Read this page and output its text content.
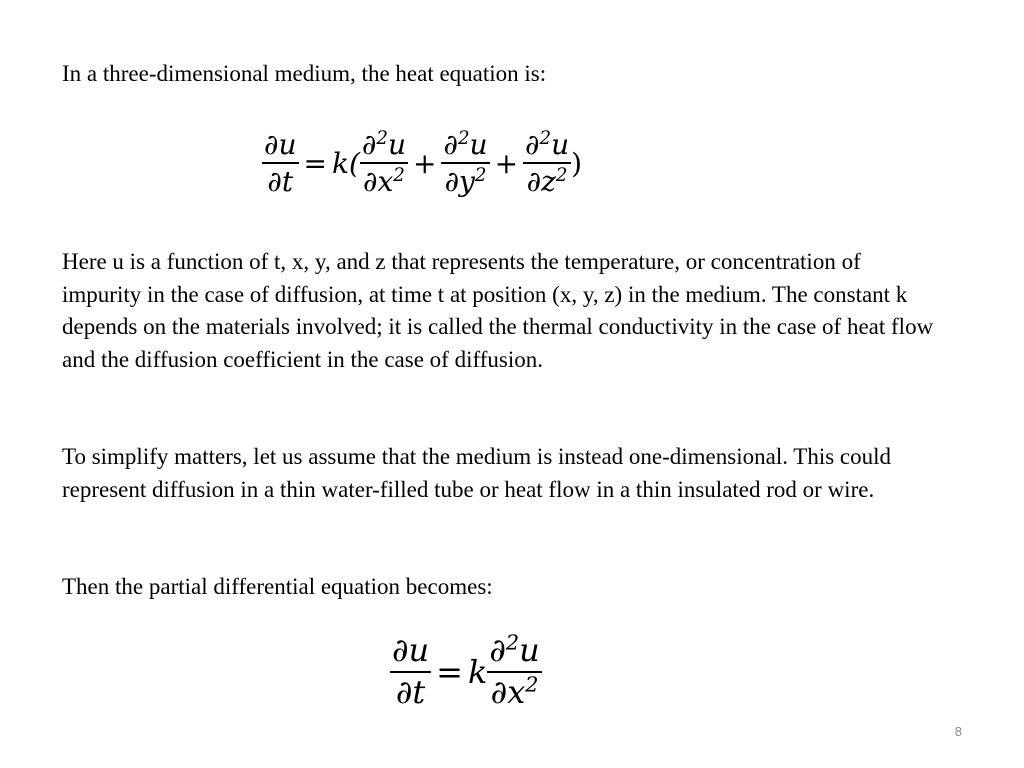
In a three-dimensional medium, the heat equation is:

$\frac{\partial u}{\partial t} = k( \frac{\partial^2u}{\partial x^2} + \frac{\partial^2u}{\partial y^2} + \frac{\partial^2u}{\partial z^2}$ )

Here u is a function of t, x, y, and z that represents the temperature, or concentration of impurity in the case of diffusion, at time t at position (x, y, z) in the medium. The constant k depends on the materials involved; it is called the thermal conductivity in the case of heat flow and the diffusion coefficient in the case of diffusion.

To simplify matters, let us assume that the medium is instead one-dimensional. This could represent diffusion in a thin water-filled tube or heat flow in a thin insulated rod or wire.

Then the partial differential equation becomes:

$\frac{\partial u}{\partial t} = k \frac{\partial^2u}{\partial x^2}$
8
